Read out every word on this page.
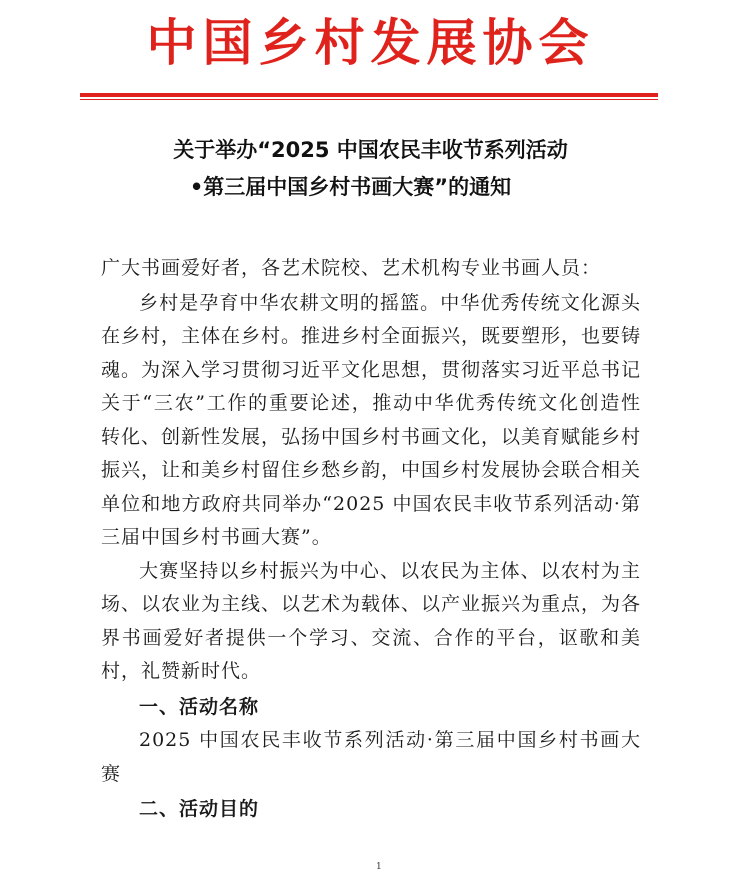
中国乡村发展协会
关于举办“2025 中国农民丰收节系列活动
•第三届中国乡村书画大赛”的通知

广大书画爱好者，各艺术院校、艺术机构专业书画人员：

乡村是孕育中华农耕文明的摇篮。中华优秀传统文化源头在乡村，主体在乡村。推进乡村全面振兴，既要塑形，也要铸魂。为深入学习贯彻习近平文化思想，贯彻落实习近平总书记关于“三农”工作的重要论述，推动中华优秀传统文化创造性转化、创新性发展，弘扬中国乡村书画文化，以美育赋能乡村振兴，让和美乡村留住乡愁乡韵，中国乡村发展协会联合相关单位和地方政府共同举办“2025 中国农民丰收节系列活动·第三届中国乡村书画大赛”。

大赛坚持以乡村振兴为中心、以农民为主体、以农村为主场、以农业为主线、以艺术为载体、以产业振兴为重点，为各界书画爱好者提供一个学习、交流、合作的平台，讴歌和美村，礼赞新时代。

一、活动名称

2025 中国农民丰收节系列活动·第三届中国乡村书画大赛

二、活动目的

1
